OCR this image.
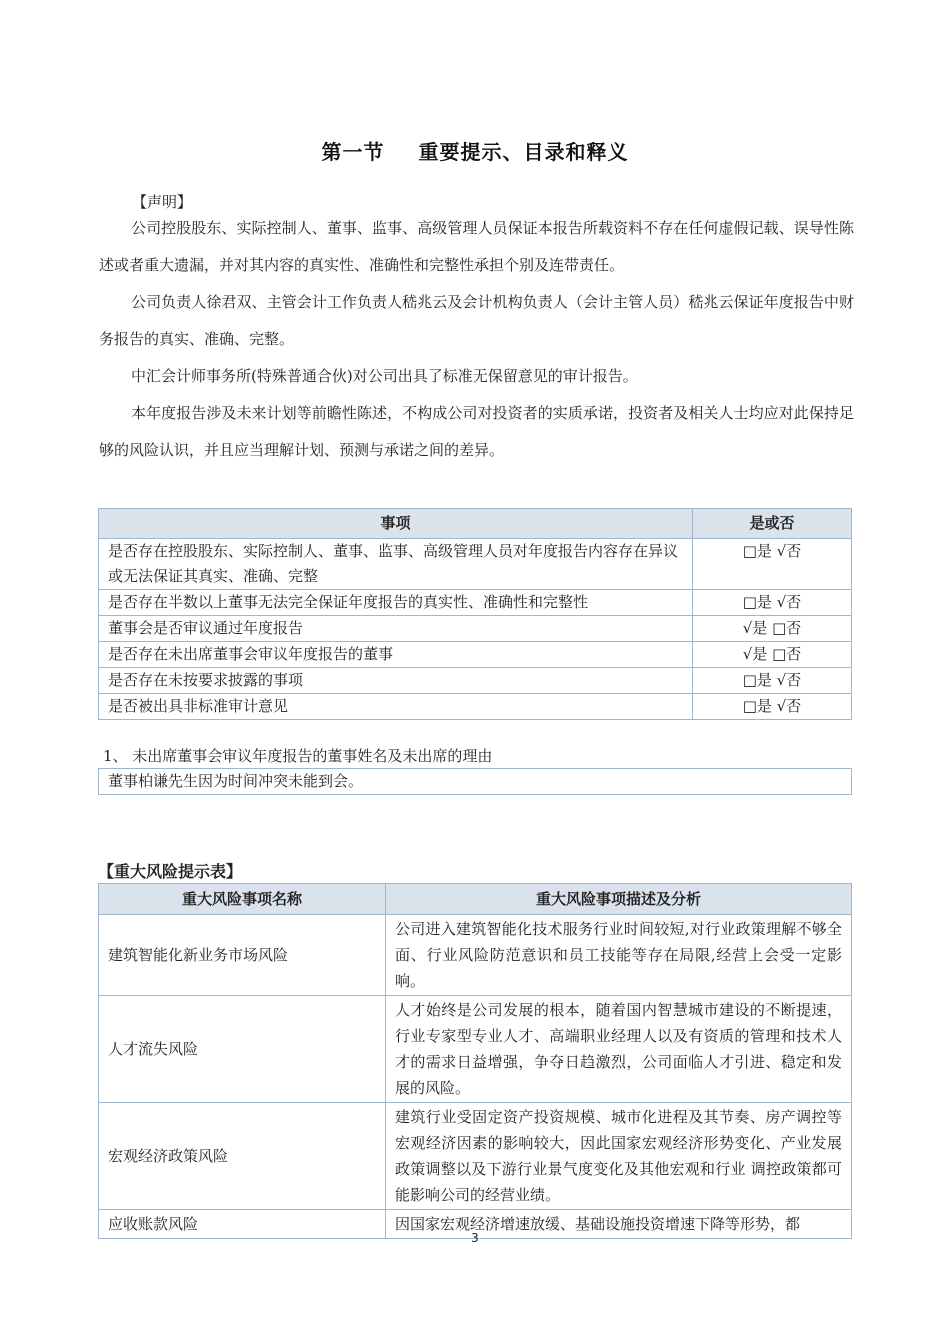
第一节 重要提示、目录和释义
【声明】

公司控股股东、实际控制人、董事、监事、高级管理人员保证本报告所载资料不存在任何虚假记载、误导性陈述或者重大遗漏，并对其内容的真实性、准确性和完整性承担个别及连带责任。

公司负责人徐君双、主管会计工作负责人嵇兆云及会计机构负责人（会计主管人员）嵇兆云保证年度报告中财务报告的真实、准确、完整。

中汇会计师事务所(特殊普通合伙)对公司出具了标准无保留意见的审计报告。

本年度报告涉及未来计划等前瞻性陈述，不构成公司对投资者的实质承诺，投资者及相关人士均应对此保持足够的风险认识，并且应当理解计划、预测与承诺之间的差异。

事项	是或否
是否存在控股股东、实际控制人、董事、监事、高级管理人员对年度报告内容存在异议或无法保证其真实、准确、完整	□是 √否
是否存在半数以上董事无法完全保证年度报告的真实性、准确性和完整性	□是 √否
董事会是否审议通过年度报告	√是 □否
是否存在未出席董事会审议年度报告的董事	√是 □否
是否存在未按要求披露的事项	□是 √否
是否被出具非标准审计意见	□是 √否
1、 未出席董事会审议年度报告的董事姓名及未出席的理由
董事柏谦先生因为时间冲突未能到会。
【重大风险提示表】
重大风险事项名称	重大风险事项描述及分析
建筑智能化新业务市场风险	公司进入建筑智能化技术服务行业时间较短,对行业政策理解不够全面、行业风险防范意识和员工技能等存在局限,经营上会受一定影响。
人才流失风险	人才始终是公司发展的根本，随着国内智慧城市建设的不断提速，行业专家型专业人才、高端职业经理人以及有资质的管理和技术人才的需求日益增强，争夺日趋激烈，公司面临人才引进、稳定和发展的风险。
宏观经济政策风险	建筑行业受固定资产投资规模、城市化进程及其节奏、房产调控等宏观经济因素的影响较大，因此国家宏观经济形势变化、产业发展政策调整以及下游行业景气度变化及其他宏观和行业 调控政策都可能影响公司的经营业绩。
应收账款风险	因国家宏观经济增速放缓、基础设施投资增速下降等形势，都
3
